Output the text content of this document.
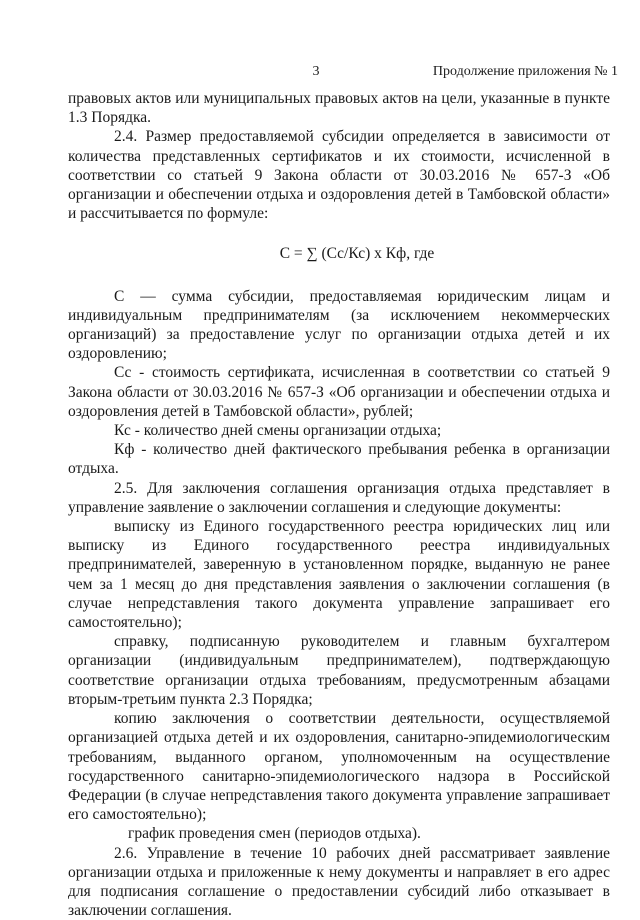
3	Продолжение приложения № 1

правовых актов или муниципальных правовых актов на цели, указанные в пункте 1.3 Порядка.

2.4. Размер предоставляемой субсидии определяется в зависимости от количества представленных сертификатов и их стоимости, исчисленной в соответствии со статьей 9 Закона области от 30.03.2016 № 657-З «Об организации и обеспечении отдыха и оздоровления детей в Тамбовской области» и рассчитывается по формуле:

С = ∑ (Сс/Кс) х Кф, где

С — сумма субсидии, предоставляемая юридическим лицам и индивидуальным предпринимателям (за исключением некоммерческих организаций) за предоставление услуг по организации отдыха детей и их оздоровлению;

Сс - стоимость сертификата, исчисленная в соответствии со статьей 9 Закона области от 30.03.2016 № 657-З «Об организации и обеспечении отдыха и оздоровления детей в Тамбовской области», рублей;

Кс - количество дней смены организации отдыха;

Кф - количество дней фактического пребывания ребенка в организации отдыха.

2.5. Для заключения соглашения организация отдыха представляет в управление заявление о заключении соглашения и следующие документы:

выписку из Единого государственного реестра юридических лиц или выписку из Единого государственного реестра индивидуальных предпринимателей, заверенную в установленном порядке, выданную не ранее чем за 1 месяц до дня представления заявления о заключении соглашения (в случае непредставления такого документа управление запрашивает его самостоятельно);

справку, подписанную руководителем и главным бухгалтером организации (индивидуальным предпринимателем), подтверждающую соответствие организации отдыха требованиям, предусмотренным абзацами вторым-третьим пункта 2.3 Порядка;

копию заключения о соответствии деятельности, осуществляемой организацией отдыха детей и их оздоровления, санитарно-эпидемиологическим требованиям, выданного органом, уполномоченным на осуществление государственного санитарно-эпидемиологического надзора в Российской Федерации (в случае непредставления такого документа управление запрашивает его самостоятельно);

график проведения смен (периодов отдыха).

2.6. Управление в течение 10 рабочих дней рассматривает заявление организации отдыха и приложенные к нему документы и направляет в его адрес для подписания соглашение о предоставлении субсидий либо отказывает в заключении соглашения.
